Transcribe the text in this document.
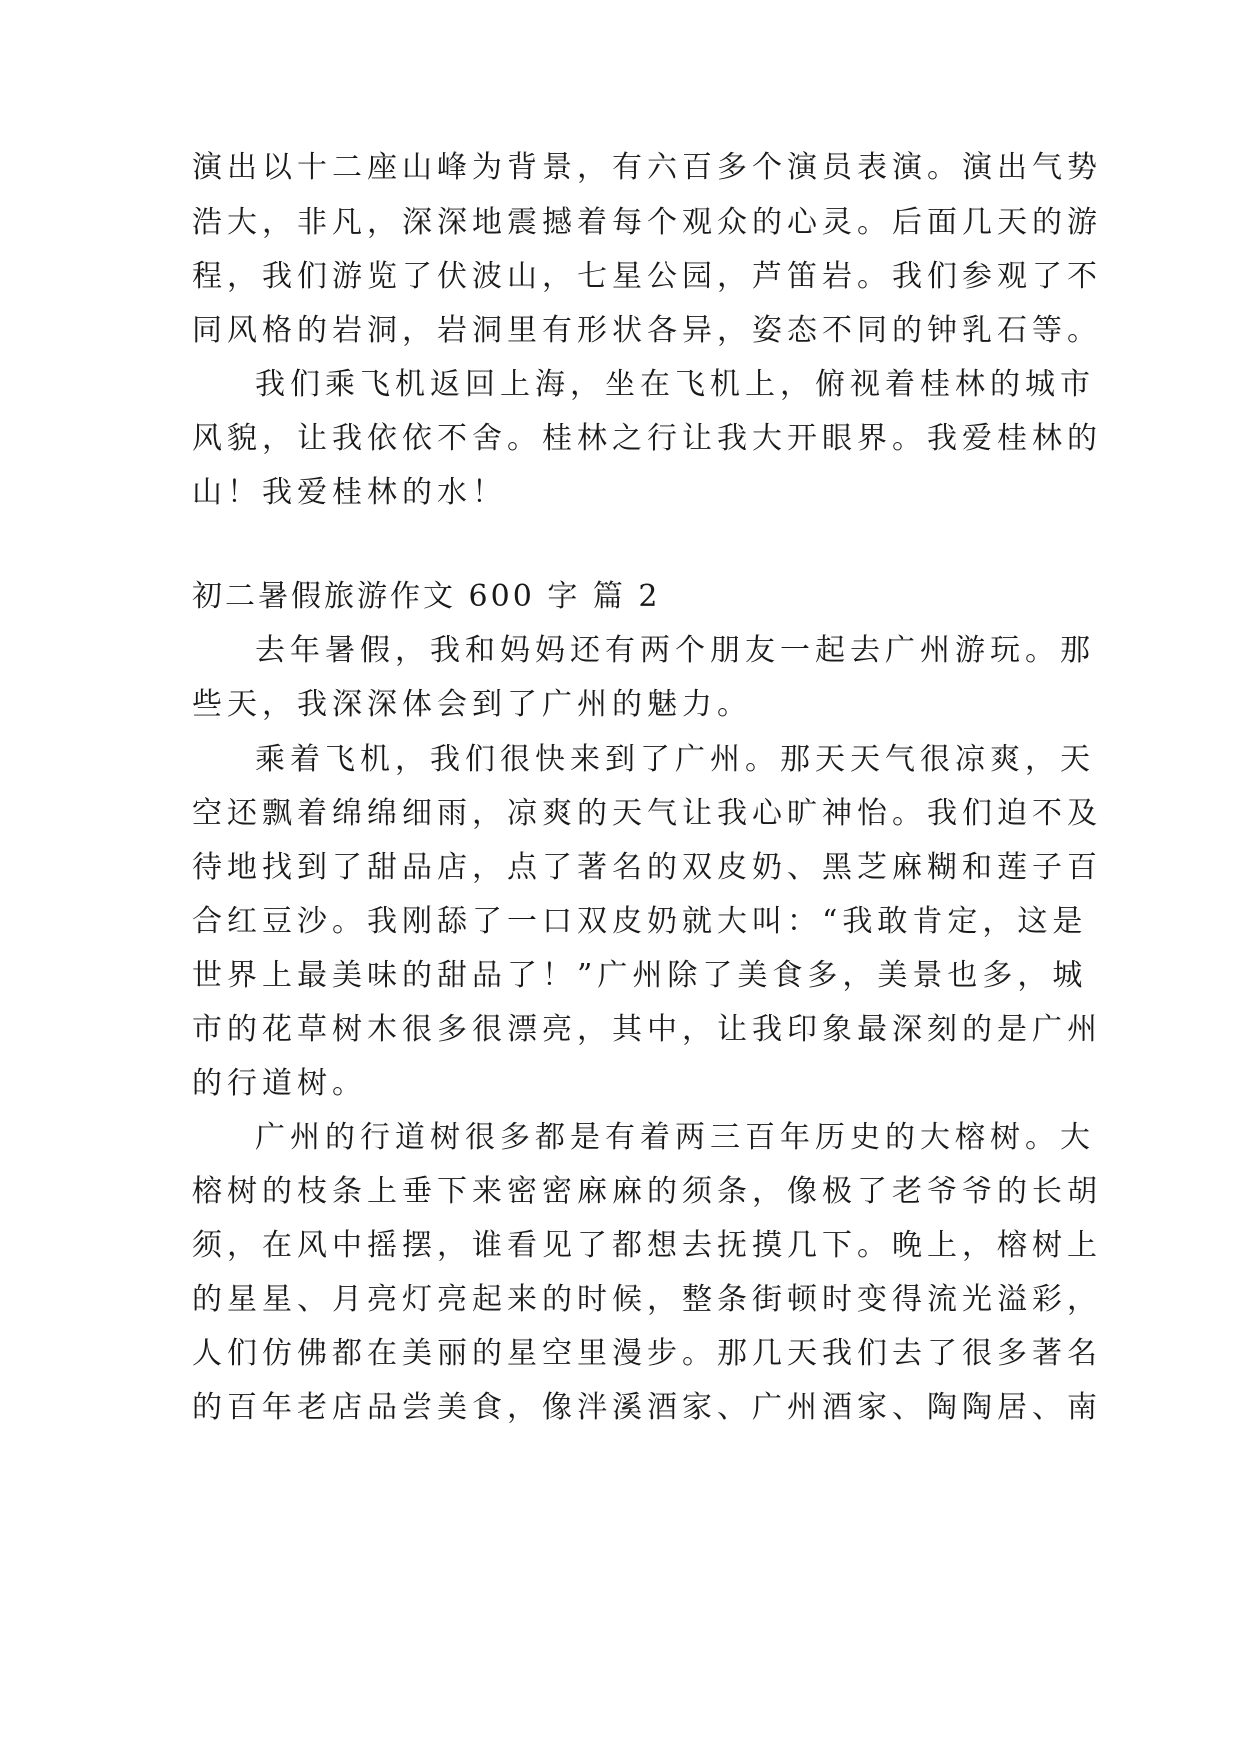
演出以十二座山峰为背景，有六百多个演员表演。演出气势
浩大，非凡，深深地震撼着每个观众的心灵。后面几天的游
程，我们游览了伏波山，七星公园，芦笛岩。我们参观了不
同风格的岩洞，岩洞里有形状各异，姿态不同的钟乳石等。
我们乘飞机返回上海，坐在飞机上，俯视着桂林的城市
风貌，让我依依不舍。桂林之行让我大开眼界。我爱桂林的
山！我爱桂林的水！
初二暑假旅游作文 600 字 篇 2
去年暑假，我和妈妈还有两个朋友一起去广州游玩。那
些天，我深深体会到了广州的魅力。
乘着飞机，我们很快来到了广州。那天天气很凉爽，天
空还飘着绵绵细雨，凉爽的天气让我心旷神怡。我们迫不及
待地找到了甜品店，点了著名的双皮奶、黑芝麻糊和莲子百
合红豆沙。我刚舔了一口双皮奶就大叫：“我敢肯定，这是
世界上最美味的甜品了！”广州除了美食多，美景也多，城
市的花草树木很多很漂亮，其中，让我印象最深刻的是广州
的行道树。
广州的行道树很多都是有着两三百年历史的大榕树。大
榕树的枝条上垂下来密密麻麻的须条，像极了老爷爷的长胡
须，在风中摇摆，谁看见了都想去抚摸几下。晚上，榕树上
的星星、月亮灯亮起来的时候，整条街顿时变得流光溢彩，
人们仿佛都在美丽的星空里漫步。那几天我们去了很多著名
的百年老店品尝美食，像泮溪酒家、广州酒家、陶陶居、南
